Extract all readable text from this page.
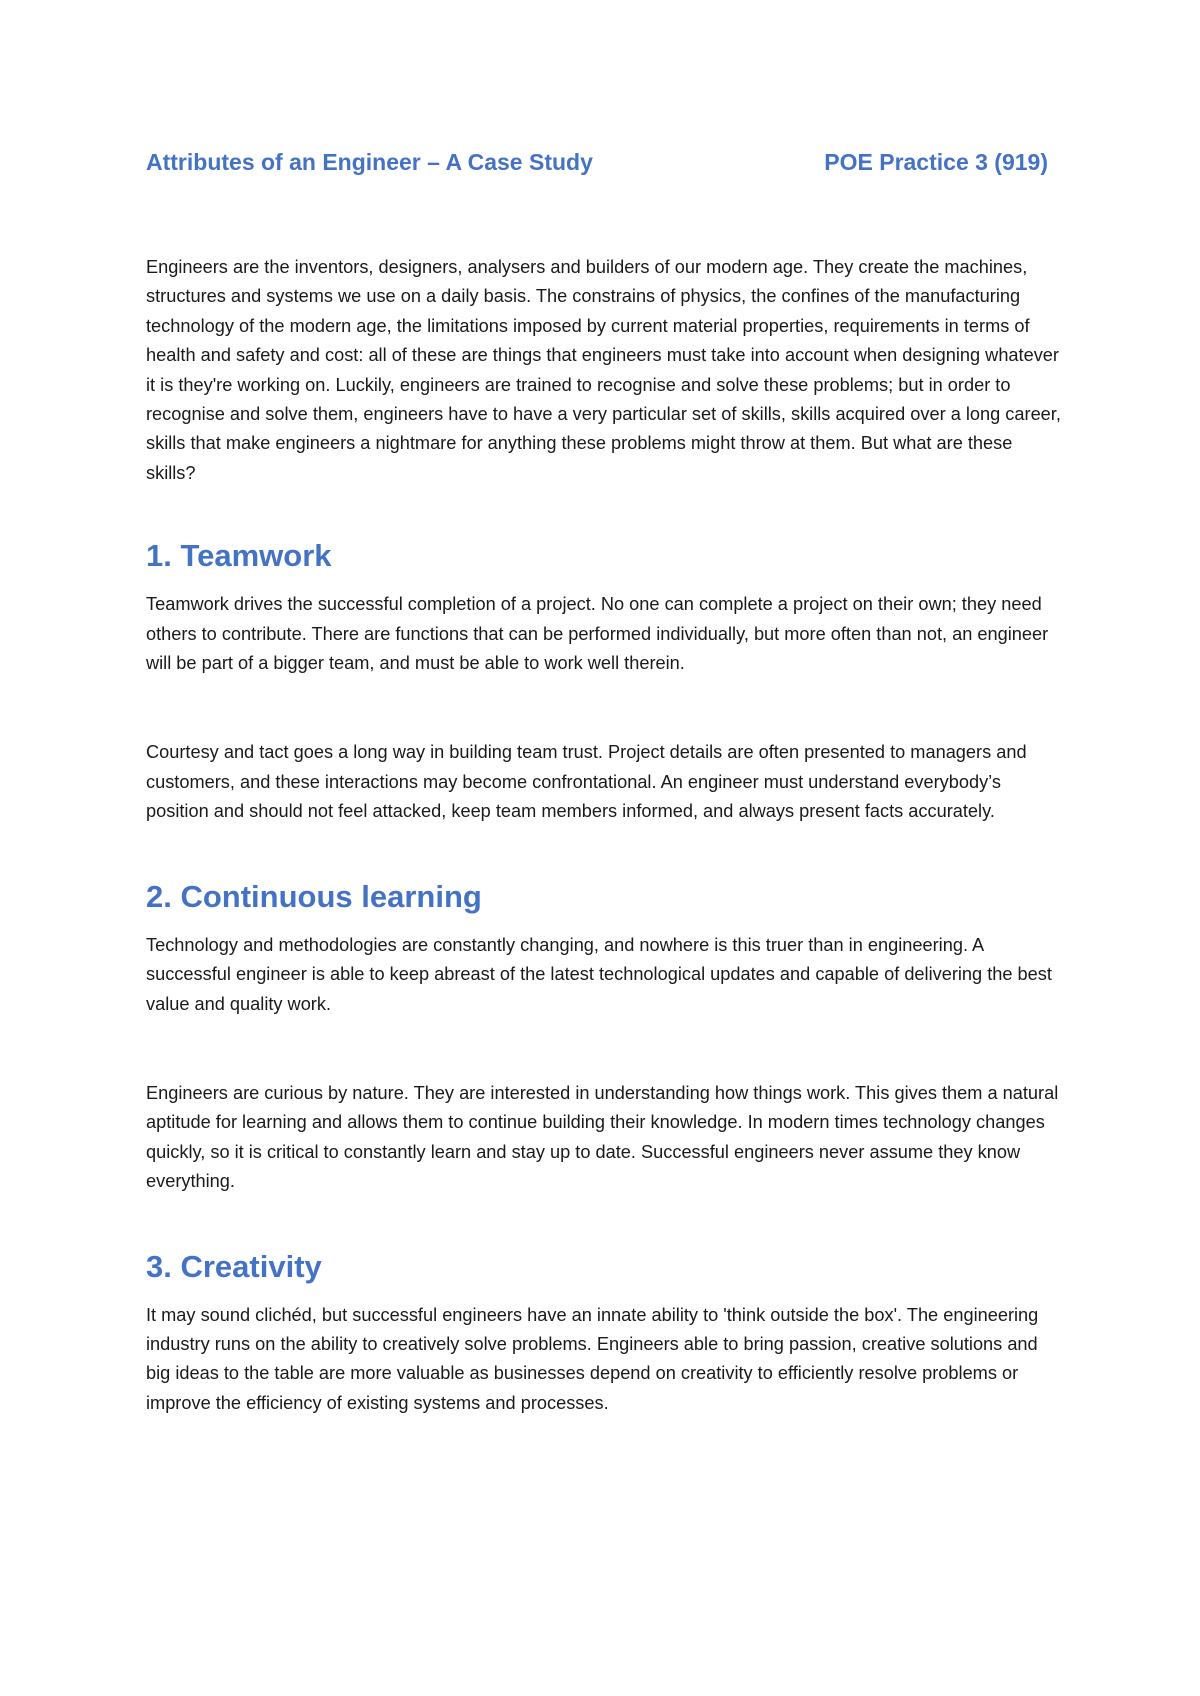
Attributes of an Engineer – A Case Study	POE Practice 3 (919)

Engineers are the inventors, designers, analysers and builders of our modern age. They create the machines, structures and systems we use on a daily basis. The constrains of physics, the confines of the manufacturing technology of the modern age, the limitations imposed by current material properties, requirements in terms of health and safety and cost: all of these are things that engineers must take into account when designing whatever it is they're working on. Luckily, engineers are trained to recognise and solve these problems; but in order to recognise and solve them, engineers have to have a very particular set of skills, skills acquired over a long career, skills that make engineers a nightmare for anything these problems might throw at them. But what are these skills?

1. Teamwork

Teamwork drives the successful completion of a project. No one can complete a project on their own; they need others to contribute. There are functions that can be performed individually, but more often than not, an engineer will be part of a bigger team, and must be able to work well therein.

Courtesy and tact goes a long way in building team trust. Project details are often presented to managers and customers, and these interactions may become confrontational. An engineer must understand everybody’s position and should not feel attacked, keep team members informed, and always present facts accurately.

2. Continuous learning

Technology and methodologies are constantly changing, and nowhere is this truer than in engineering. A successful engineer is able to keep abreast of the latest technological updates and capable of delivering the best value and quality work.

Engineers are curious by nature. They are interested in understanding how things work. This gives them a natural aptitude for learning and allows them to continue building their knowledge. In modern times technology changes quickly, so it is critical to constantly learn and stay up to date. Successful engineers never assume they know everything.

3. Creativity

It may sound clichéd, but successful engineers have an innate ability to 'think outside the box'. The engineering industry runs on the ability to creatively solve problems. Engineers able to bring passion, creative solutions and big ideas to the table are more valuable as businesses depend on creativity to efficiently resolve problems or improve the efficiency of existing systems and processes.
